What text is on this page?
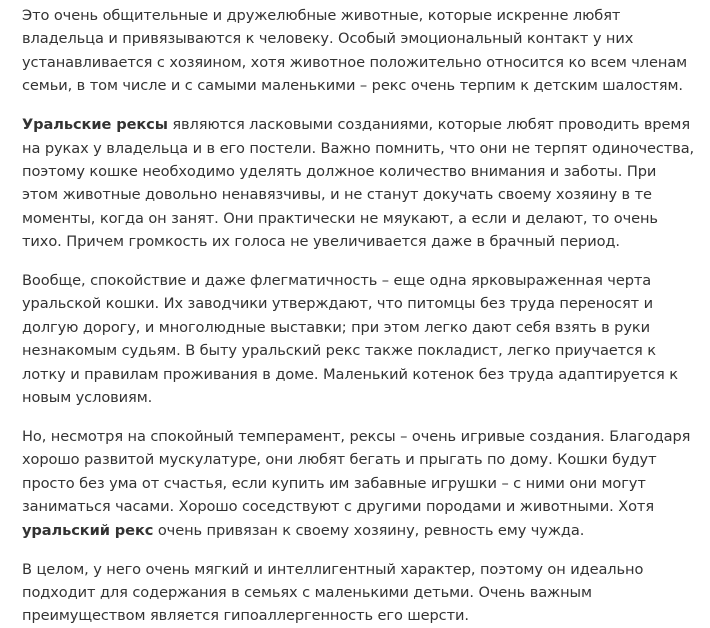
Это очень общительные и дружелюбные животные, которые искренне любят владельца и привязываются к человеку. Особый эмоциональный контакт у них устанавливается с хозяином, хотя животное положительно относится ко всем членам семьи, в том числе и с самыми маленькими – рекс очень терпим к детским шалостям.

Уральские рексы являются ласковыми созданиями, которые любят проводить время на руках у владельца и в его постели. Важно помнить, что они не терпят одиночества, поэтому кошке необходимо уделять должное количество внимания и заботы. При этом животные довольно ненавязчивы, и не станут докучать своему хозяину в те моменты, когда он занят. Они практически не мяукают, а если и делают, то очень тихо. Причем громкость их голоса не увеличивается даже в брачный период.

Вообще, спокойствие и даже флегматичность – еще одна ярковыраженная черта уральской кошки. Их заводчики утверждают, что питомцы без труда переносят и долгую дорогу, и многолюдные выставки; при этом легко дают себя взять в руки незнакомым судьям. В быту уральский рекс также покладист, легко приучается к лотку и правилам проживания в доме. Маленький котенок без труда адаптируется к новым условиям.

Но, несмотря на спокойный темперамент, рексы – очень игривые создания. Благодаря хорошо развитой мускулатуре, они любят бегать и прыгать по дому. Кошки будут просто без ума от счастья, если купить им забавные игрушки – с ними они могут заниматься часами. Хорошо соседствуют с другими породами и животными. Хотя уральский рекс очень привязан к своему хозяину, ревность ему чужда.

В целом, у него очень мягкий и интеллигентный характер, поэтому он идеально подходит для содержания в семьях с маленькими детьми. Очень важным преимуществом является гипоаллергенность его шерсти.
